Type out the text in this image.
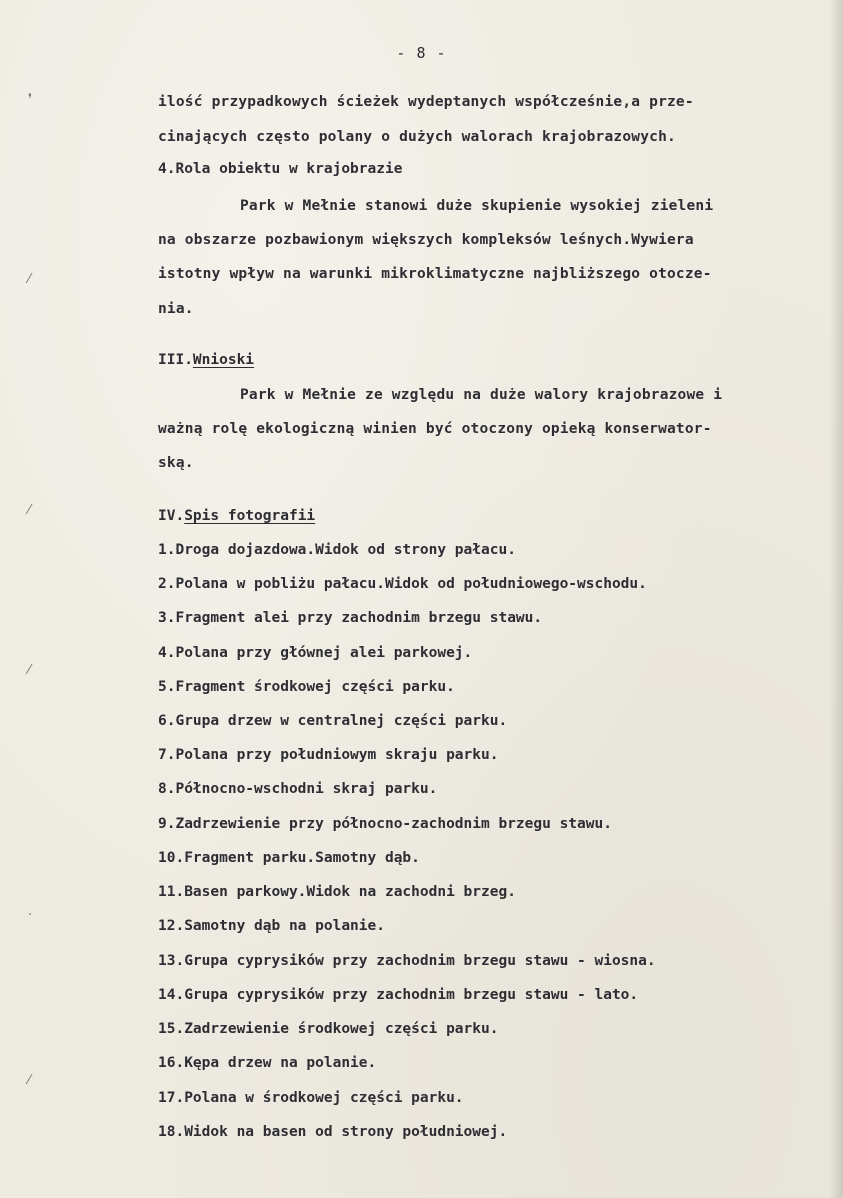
❜
⁄
⁄
⁄
·
⁄
- 8 -
ilość przypadkowych ścieżek wydeptanych współcześnie,a prze-
cinających często polany o dużych walorach krajobrazowych.
4.Rola obiektu w krajobrazie
Park w Mełnie stanowi duże skupienie wysokiej zieleni
na obszarze pozbawionym większych kompleksów leśnych.Wywiera
istotny wpływ na warunki mikroklimatyczne najbliższego otocze-
nia.
III.Wnioski
Park w Mełnie ze względu na duże walory krajobrazowe i
ważną rolę ekologiczną winien być otoczony opieką konserwator-
ską.
IV.Spis fotografii
1.Droga dojazdowa.Widok od strony pałacu.
2.Polana w pobliżu pałacu.Widok od południowego-wschodu.
3.Fragment alei przy zachodnim brzegu stawu.
4.Polana przy głównej alei parkowej.
5.Fragment środkowej części parku.
6.Grupa drzew w centralnej części parku.
7.Polana przy południowym skraju parku.
8.Północno-wschodni skraj parku.
9.Zadrzewienie przy północno-zachodnim brzegu stawu.
10.Fragment parku.Samotny dąb.
11.Basen parkowy.Widok na zachodni brzeg.
12.Samotny dąb na polanie.
13.Grupa cyprysików przy zachodnim brzegu stawu - wiosna.
14.Grupa cyprysików przy zachodnim brzegu stawu - lato.
15.Zadrzewienie środkowej części parku.
16.Kępa drzew na polanie.
17.Polana w środkowej części parku.
18.Widok na basen od strony południowej.
